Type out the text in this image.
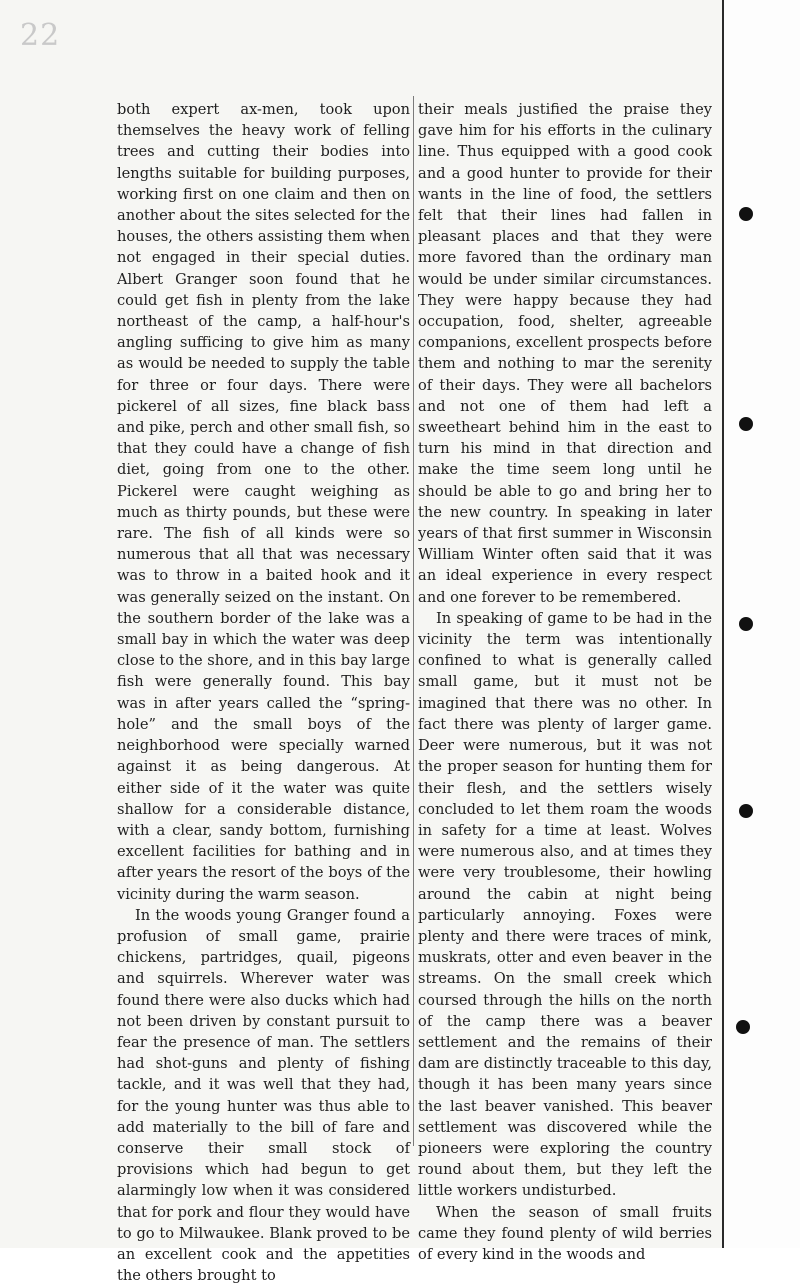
22

both expert ax-men, took upon themselves the heavy work of felling trees and cutting their bodies into lengths suitable for building purposes, working first on one claim and then on another about the sites selected for the houses, the others assisting them when not engaged in their special duties. Albert Granger soon found that he could get fish in plenty from the lake northeast of the camp, a half-hour's angling sufficing to give him as many as would be needed to supply the table for three or four days. There were pickerel of all sizes, fine black bass and pike, perch and other small fish, so that they could have a change of fish diet, going from one to the other. Pickerel were caught weighing as much as thirty pounds, but these were rare. The fish of all kinds were so numerous that all that was necessary was to throw in a baited hook and it was generally seized on the instant. On the southern border of the lake was a small bay in which the water was deep close to the shore, and in this bay large fish were generally found. This bay was in after years called the “spring-hole” and the small boys of the neighborhood were specially warned against it as being dangerous. At either side of it the water was quite shallow for a considerable distance, with a clear, sandy bottom, furnishing excellent facilities for bathing and in after years the resort of the boys of the vicinity during the warm season.

In the woods young Granger found a profusion of small game, prairie chickens, partridges, quail, pigeons and squirrels. Wherever water was found there were also ducks which had not been driven by constant pursuit to fear the presence of man. The settlers had shot-guns and plenty of fishing tackle, and it was well that they had, for the young hunter was thus able to add materially to the bill of fare and conserve their small stock of provisions which had begun to get alarmingly low when it was considered that for pork and flour they would have to go to Milwaukee. Blank proved to be an excellent cook and the appetities the others brought to

their meals justified the praise they gave him for his efforts in the culinary line. Thus equipped with a good cook and a good hunter to provide for their wants in the line of food, the settlers felt that their lines had fallen in pleasant places and that they were more favored than the ordinary man would be under similar circumstances. They were happy because they had occupation, food, shelter, agreeable companions, excellent prospects before them and nothing to mar the serenity of their days. They were all bachelors and not one of them had left a sweetheart behind him in the east to turn his mind in that direction and make the time seem long until he should be able to go and bring her to the new country. In speaking in later years of that first summer in Wisconsin William Winter often said that it was an ideal experience in every respect and one forever to be remembered.

In speaking of game to be had in the vicinity the term was intentionally confined to what is generally called small game, but it must not be imagined that there was no other. In fact there was plenty of larger game. Deer were numerous, but it was not the proper season for hunting them for their flesh, and the settlers wisely concluded to let them roam the woods in safety for a time at least. Wolves were numerous also, and at times they were very troublesome, their howling around the cabin at night being particularly annoying. Foxes were plenty and there were traces of mink, muskrats, otter and even beaver in the streams. On the small creek which coursed through the hills on the north of the camp there was a beaver settlement and the remains of their dam are distinctly traceable to this day, though it has been many years since the last beaver vanished. This beaver settlement was discovered while the pioneers were exploring the country round about them, but they left the little workers undisturbed.

When the season of small fruits came they found plenty of wild berries of every kind in the woods and
